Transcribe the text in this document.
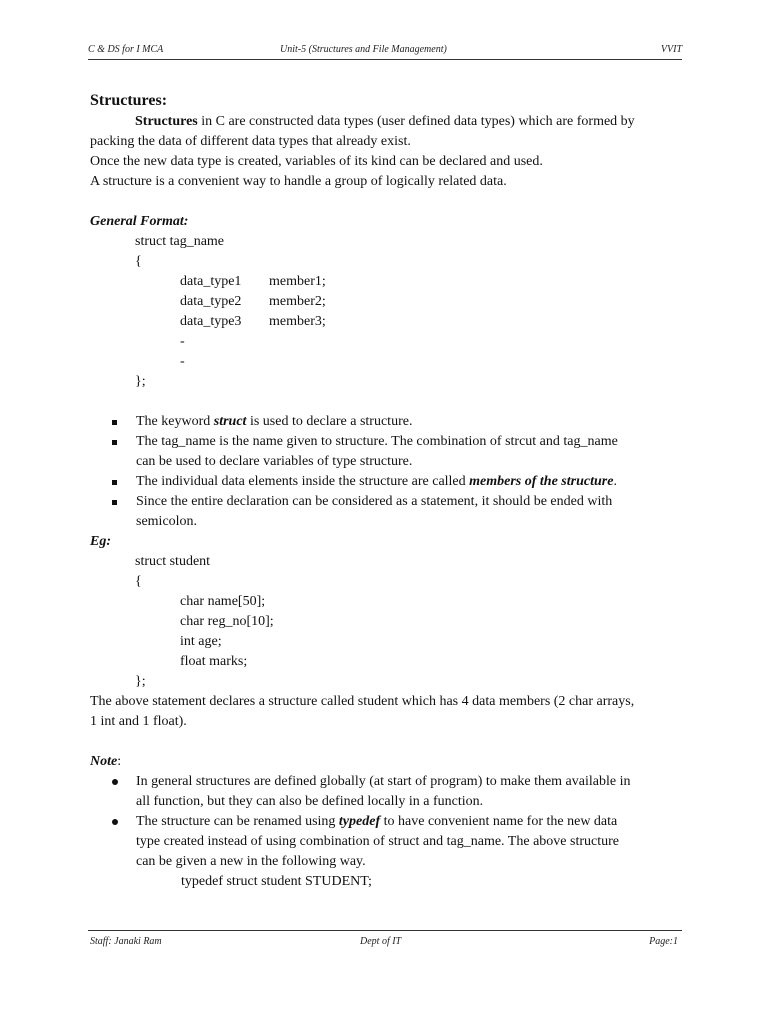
C & DS for I MCA	Unit-5 (Structures and File Management)	VVIT
Structures:
Structures in C are constructed data types (user defined data types) which are formed by
packing the data of different data types that already exist.
Once the new data type is created, variables of its kind can be declared and used.
A structure is a convenient way to handle a group of logically related data.
General Format:
struct tag_name
{
data_type1	member1;
data_type2	member2;
data_type3	member3;
-
-
};
The keyword struct is used to declare a structure.
The tag_name is the name given to structure. The combination of strcut and tag_name
can be used to declare variables of type structure.
The individual data elements inside the structure are called members of the structure.
Since the entire declaration can be considered as a statement, it should be ended with
semicolon.
Eg:
struct student
{
char name[50];
char reg_no[10];
int age;
float marks;
};
The above statement declares a structure called student which has 4 data members (2 char arrays,
1 int and 1 float).
Note:
In general structures are defined globally (at start of program) to make them available in
all function, but they can also be defined locally in a function.
The structure can be renamed using typedef to have convenient name for the new data
type created instead of using combination of struct and tag_name. The above structure
can be given a new in the following way.
typedef struct student STUDENT;
Staff: Janaki Ram	Dept of IT	Page:1
